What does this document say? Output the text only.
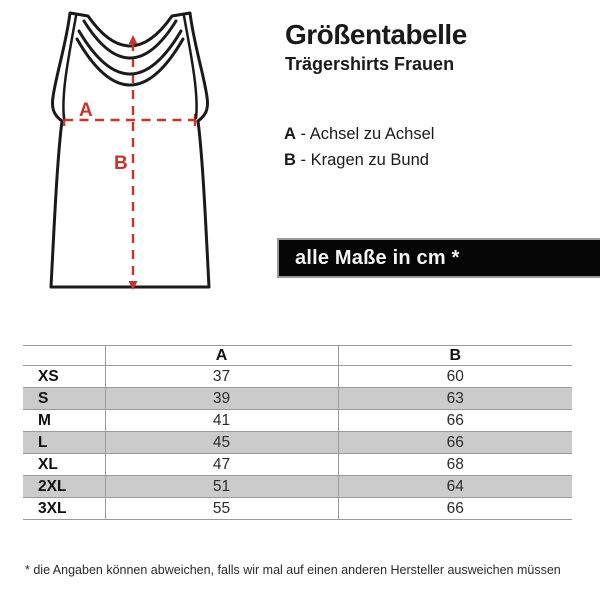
A
B
Größentabelle
Trägershirts Frauen
A - Achsel zu Achsel
B - Kragen zu Bund
alle Maße in cm *
	A	B
XS	37	60
S	39	63
M	41	66
L	45	66
XL	47	68
2XL	51	64
3XL	55	66
* die Angaben können abweichen, falls wir mal auf einen anderen Hersteller ausweichen müssen
